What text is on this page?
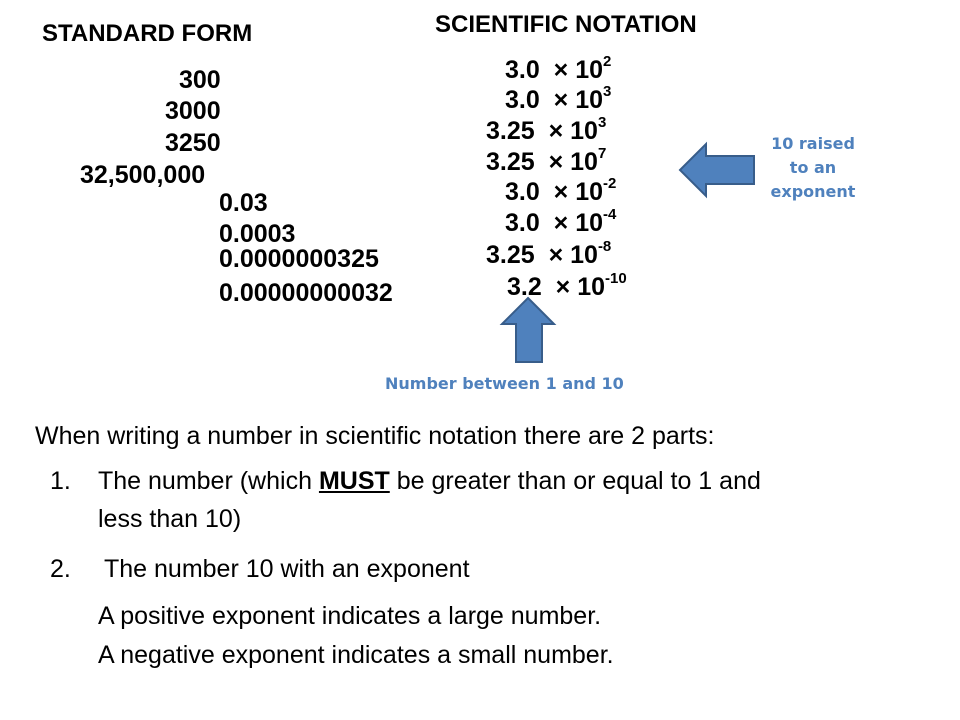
STANDARD FORM	SCIENTIFIC NOTATION
300
3000
3250
32,500,000
0.03
0.0003
0.0000000325
0.00000000032
$3.0 \times 10^2$
$3.0 \times 10^3$
$3.25 \times 10^3$
$3.25 \times 10^7$
$3.0 \times 10^{-2}$
$3.0 \times 10^{-4}$
$3.25 \times 10^{-8}$
$3.2 \times 10^{-10}$
10 raised
to an
exponent
Number between 1 and 10
When writing a number in scientific notation there are 2 parts:
1. The number (which MUST be greater than or equal to 1 and
less than 10)
2. The number 10 with an exponent
A positive exponent indicates a large number.
A negative exponent indicates a small number.
